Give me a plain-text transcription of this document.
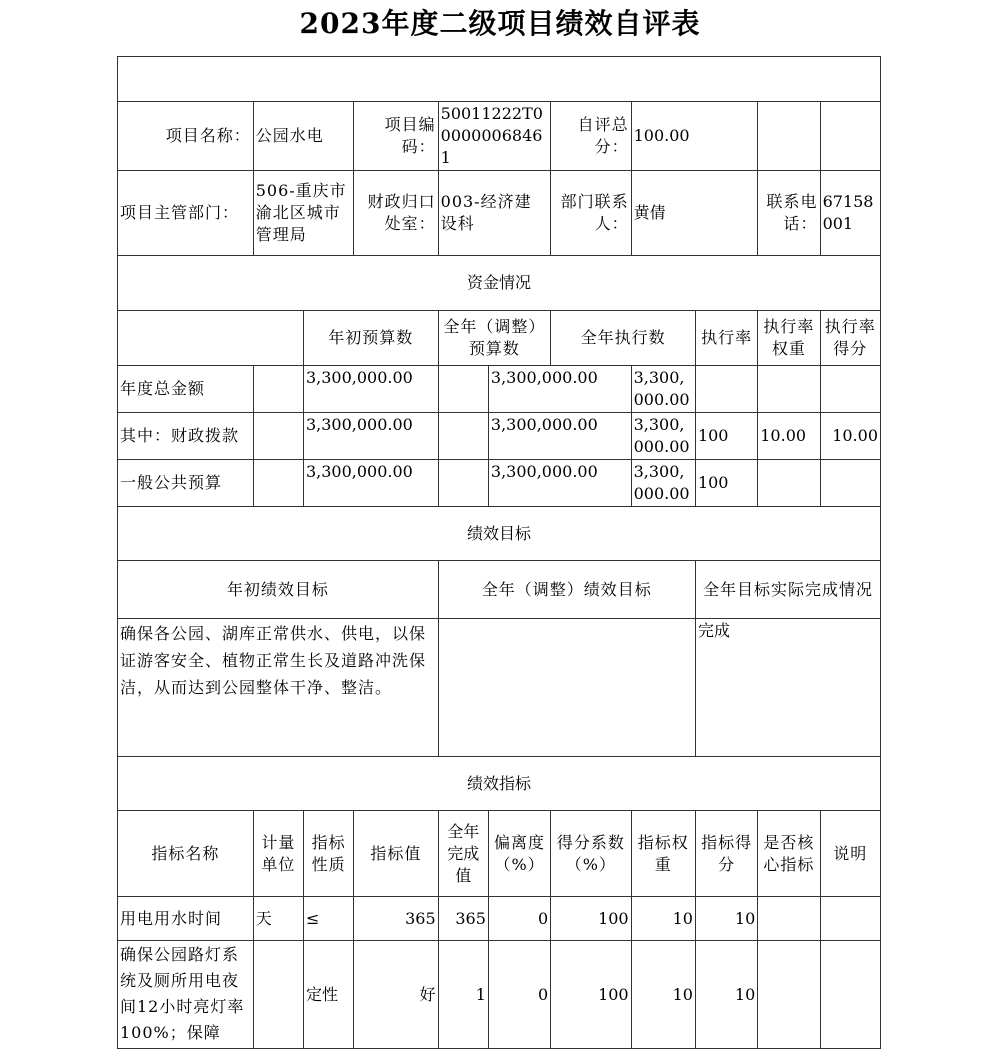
2023年度二级项目绩效自评表

项目名称：	公园水电		项目编码：	50011222T000000068461		自评总分：	100.00			
项目主管部门：	506-重庆市渝北区城市管理局		财政归口处室：	003-经济建设科		部门联系人：	黄倩		联系电话：	67158001
资金情况										
		年初预算数		全年（调整）预算数		全年执行数		执行率	执行率权重	执行率得分
年度总金额		3,300,000.00			3,300,000.00		3,300,000.00			
其中：财政拨款		3,300,000.00			3,300,000.00		3,300,000.00	100	10.00	10.00
一般公共预算		3,300,000.00			3,300,000.00		3,300,000.00	100		
绩效目标										
年初绩效目标				全年（调整）绩效目标				全年目标实际完成情况		
确保各公园、湖库正常供水、供电，以保证游客安全、植物正常生长及道路冲洗保洁，从而达到公园整体干净、整洁。								完成		
绩效指标										
指标名称	计量单位	指标性质	指标值	全年完成值	偏离度（%）	得分系数（%）	指标权重	指标得分	是否核心指标	说明
用电用水时间	天	≤	365	365	0	100	10	10		
确保公园路灯系统及厕所用电夜间12小时亮灯率100%；保障		定性	好	1	0	100	10	10		
